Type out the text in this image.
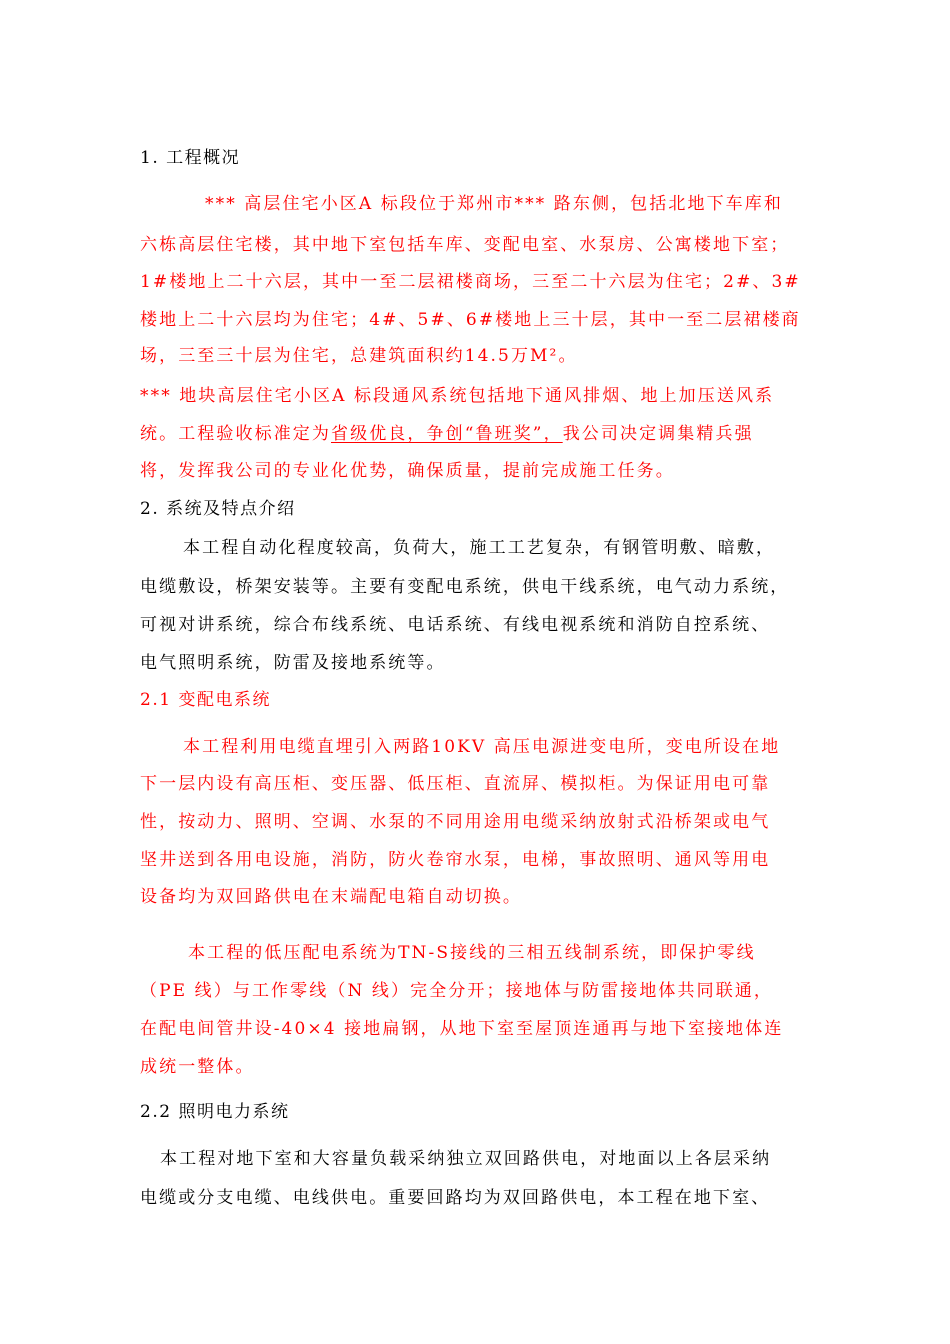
1. 工程概况
*** 高层住宅小区A 标段位于郑州市*** 路东侧，包括北地下车库和
六栋高层住宅楼，其中地下室包括车库、变配电室、水泵房、公寓楼地下室；
1#楼地上二十六层，其中一至二层裙楼商场，三至二十六层为住宅；2#、3#
楼地上二十六层均为住宅；4#、5#、6#楼地上三十层，其中一至二层裙楼商
场，三至三十层为住宅，总建筑面积约14.5万M²。
*** 地块高层住宅小区A 标段通风系统包括地下通风排烟、地上加压送风系
统。工程验收标准定为省级优良，争创“鲁班奖”，我公司决定调集精兵强
将，发挥我公司的专业化优势，确保质量，提前完成施工任务。
2. 系统及特点介绍
本工程自动化程度较高，负荷大，施工工艺复杂，有钢管明敷、暗敷，
电缆敷设，桥架安装等。主要有变配电系统，供电干线系统，电气动力系统，
可视对讲系统，综合布线系统、电话系统、有线电视系统和消防自控系统、
电气照明系统，防雷及接地系统等。
2.1 变配电系统
本工程利用电缆直埋引入两路10KV 高压电源进变电所，变电所设在地
下一层内设有高压柜、变压器、低压柜、直流屏、模拟柜。为保证用电可靠
性，按动力、照明、空调、水泵的不同用途用电缆采纳放射式沿桥架或电气
坚井送到各用电设施，消防，防火卷帘水泵，电梯，事故照明、通风等用电
设备均为双回路供电在末端配电箱自动切换。
本工程的低压配电系统为TN-S接线的三相五线制系统，即保护零线
（PE 线）与工作零线（N 线）完全分开；接地体与防雷接地体共同联通，
在配电间管井设-40×4 接地扁钢，从地下室至屋顶连通再与地下室接地体连
成统一整体。
2.2 照明电力系统
本工程对地下室和大容量负载采纳独立双回路供电，对地面以上各层采纳
电缆或分支电缆、电线供电。重要回路均为双回路供电，本工程在地下室、
